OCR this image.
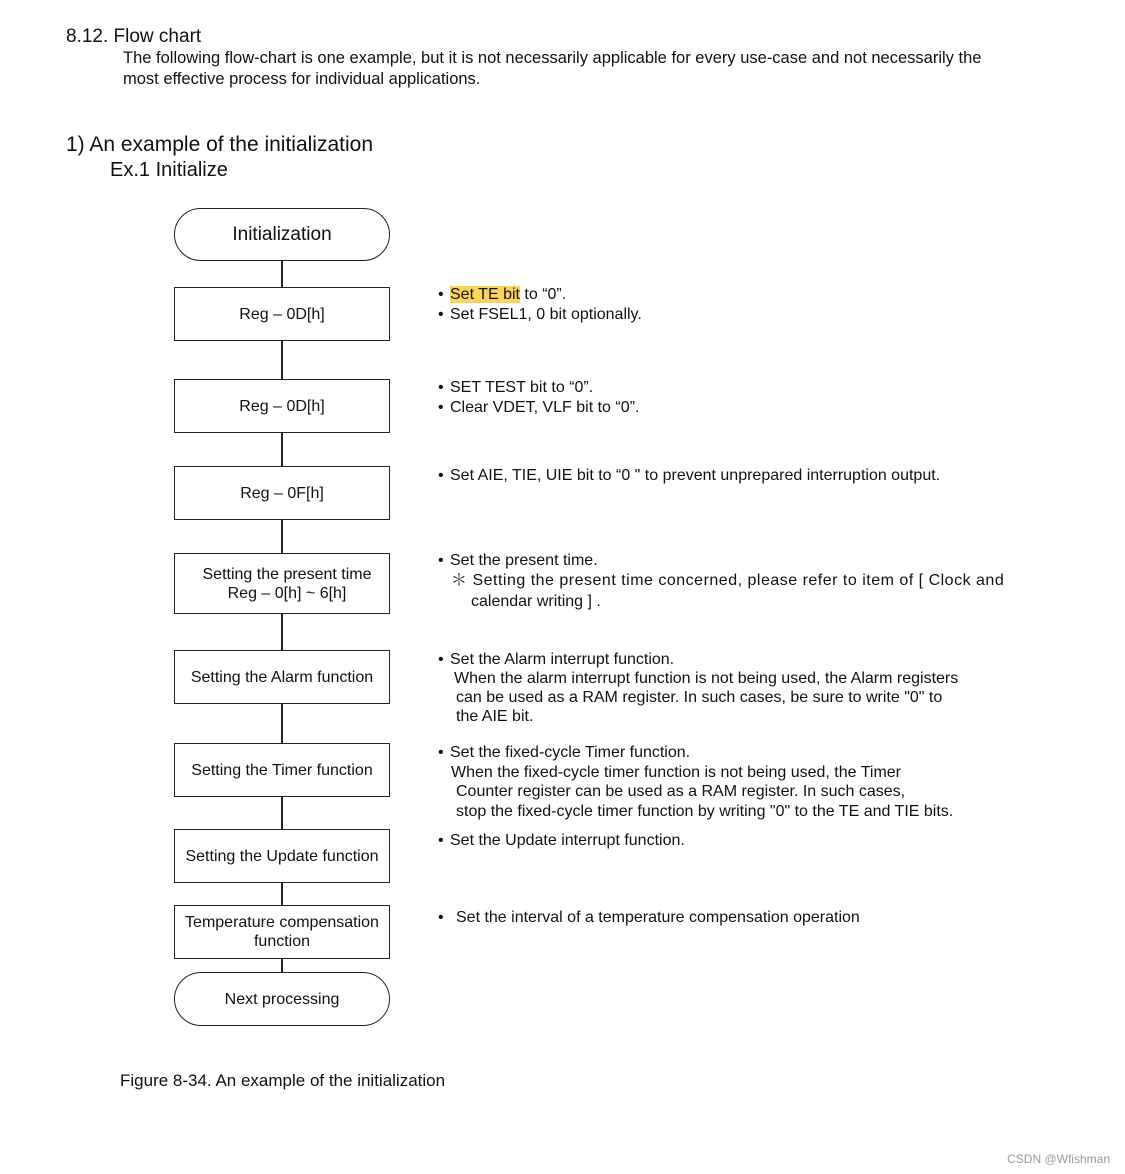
8.12. Flow chart
The following flow-chart is one example, but it is not necessarily applicable for every use-case and not necessarily the
most effective process for individual applications.
1) An example of the initialization
Ex.1 Initialize
Initialization
Reg – 0D[h]
Reg – 0D[h]
Reg – 0F[h]
Setting the present time
Reg – 0[h] ~ 6[h]
Setting the Alarm function
Setting the Timer function
Setting the Update function
Temperature compensation
function
Next processing
• Set TE bit to “0”.
• Set FSEL1, 0 bit optionally.
• SET TEST bit to “0”.
• Clear VDET, VLF bit to “0”.
• Set AIE, TIE, UIE bit to “0 " to prevent unprepared interruption output.
• Set the present time.
＊ Setting the present time concerned, please refer to item of [ Clock and
calendar writing ] .
• Set the Alarm interrupt function.
When the alarm interrupt function is not being used, the Alarm registers
can be used as a RAM register. In such cases, be sure to write "0" to
the AIE bit.
• Set the fixed-cycle Timer function.
When the fixed-cycle timer function is not being used, the Timer
Counter register can be used as a RAM register. In such cases,
stop the fixed-cycle timer function by writing "0" to the TE and TIE bits.
• Set the Update interrupt function.
•Set the interval of a temperature compensation operation
Figure 8-34. An example of the initialization
CSDN @Wfishman
